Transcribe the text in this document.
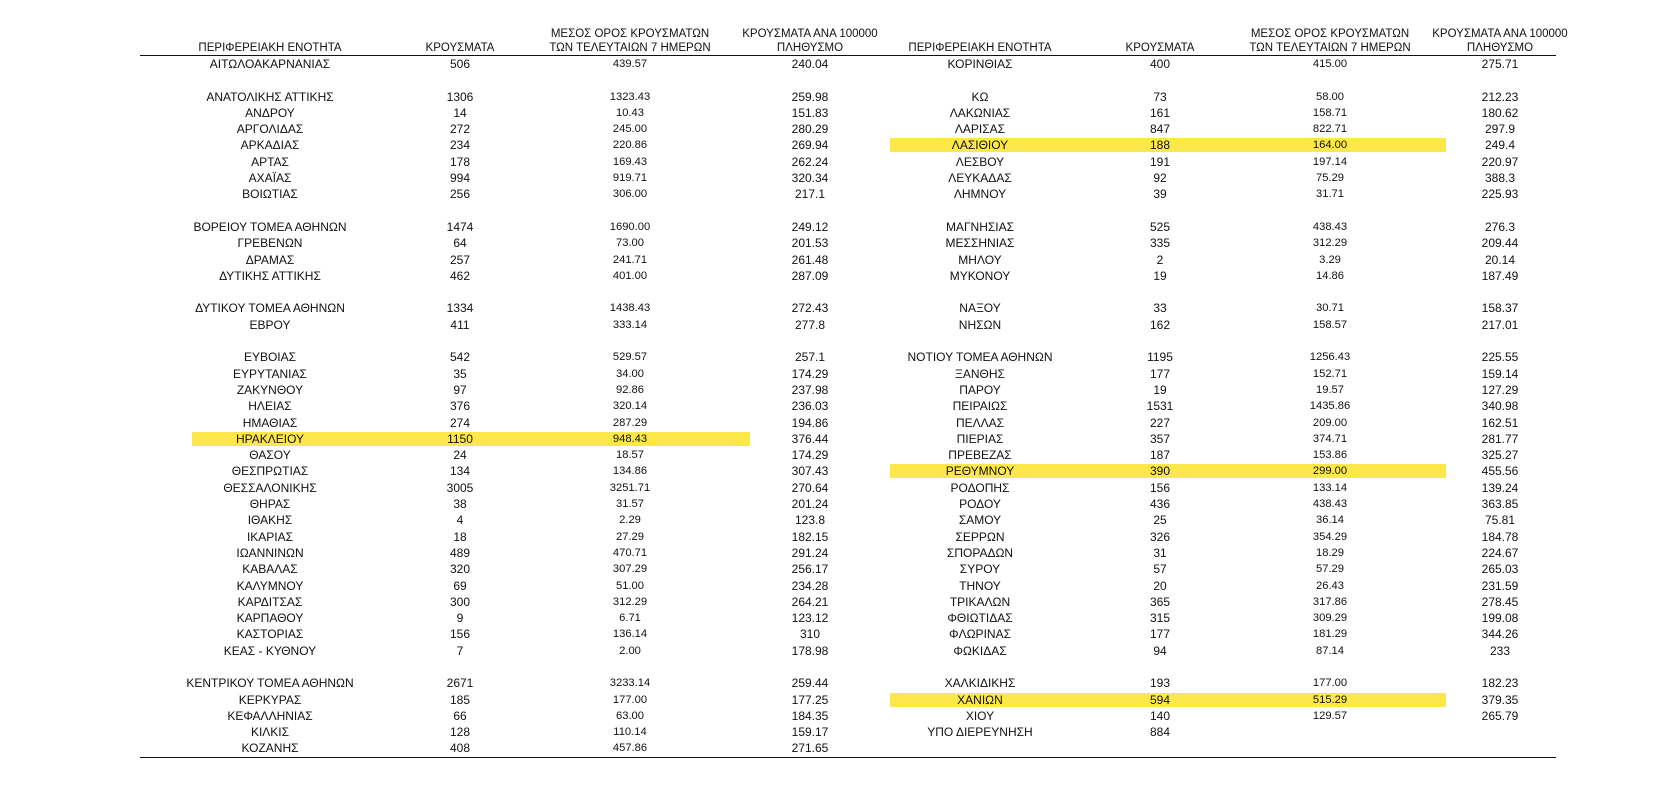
ΠΕΡΙΦΕΡΕΙΑΚΗ ΕΝΟΤΗΤΑ	ΚΡΟΥΣΜΑΤΑ
ΜΕΣΟΣ ΟΡΟΣ ΚΡΟΥΣΜΑΤΩΝ
ΤΩΝ ΤΕΛΕΥΤΑΙΩΝ 7 ΗΜΕΡΩΝ
ΚΡΟΥΣΜΑΤΑ ΑΝΑ 100000
ΠΛΗΘΥΣΜΟ	ΠΕΡΙΦΕΡΕΙΑΚΗ ΕΝΟΤΗΤΑ	ΚΡΟΥΣΜΑΤΑ
ΜΕΣΟΣ ΟΡΟΣ ΚΡΟΥΣΜΑΤΩΝ
ΤΩΝ ΤΕΛΕΥΤΑΙΩΝ 7 ΗΜΕΡΩΝ
ΚΡΟΥΣΜΑΤΑ ΑΝΑ 100000
ΠΛΗΘΥΣΜΟ
ΑΙΤΩΛΟΑΚΑΡΝΑΝΙΑΣ	506	439.57	240.04
ΑΝΑΤΟΛΙΚΗΣ ΑΤΤΙΚΗΣ	1306	1323.43	259.98
ΑΝΔΡΟΥ	14	10.43	151.83
ΑΡΓΟΛΙΔΑΣ	272	245.00	280.29
ΑΡΚΑΔΙΑΣ	234	220.86	269.94
ΑΡΤΑΣ	178	169.43	262.24
ΑΧΑΪΑΣ	994	919.71	320.34
ΒΟΙΩΤΙΑΣ	256	306.00	217.1
ΒΟΡΕΙΟΥ ΤΟΜΕΑ ΑΘΗΝΩΝ	1474	1690.00	249.12
ΓΡΕΒΕΝΩΝ	64	73.00	201.53
ΔΡΑΜΑΣ	257	241.71	261.48
ΔΥΤΙΚΗΣ ΑΤΤΙΚΗΣ	462	401.00	287.09
ΔΥΤΙΚΟΥ ΤΟΜΕΑ ΑΘΗΝΩΝ	1334	1438.43	272.43
ΕΒΡΟΥ	411	333.14	277.8
ΕΥΒΟΙΑΣ	542	529.57	257.1
ΕΥΡΥΤΑΝΙΑΣ	35	34.00	174.29
ΖΑΚΥΝΘΟΥ	97	92.86	237.98
ΗΛΕΙΑΣ	376	320.14	236.03
ΗΜΑΘΙΑΣ	274	287.29	194.86
ΗΡΑΚΛΕΙΟΥ	1150	948.43	376.44
ΘΑΣΟΥ	24	18.57	174.29
ΘΕΣΠΡΩΤΙΑΣ	134	134.86	307.43
ΘΕΣΣΑΛΟΝΙΚΗΣ	3005	3251.71	270.64
ΘΗΡΑΣ	38	31.57	201.24
ΙΘΑΚΗΣ	4	2.29	123.8
ΙΚΑΡΙΑΣ	18	27.29	182.15
ΙΩΑΝΝΙΝΩΝ	489	470.71	291.24
ΚΑΒΑΛΑΣ	320	307.29	256.17
ΚΑΛΥΜΝΟΥ	69	51.00	234.28
ΚΑΡΔΙΤΣΑΣ	300	312.29	264.21
ΚΑΡΠΑΘΟΥ	9	6.71	123.12
ΚΑΣΤΟΡΙΑΣ	156	136.14	310
ΚΕΑΣ - ΚΥΘΝΟΥ	7	2.00	178.98
ΚΕΝΤΡΙΚΟΥ ΤΟΜΕΑ ΑΘΗΝΩΝ	2671	3233.14	259.44
ΚΕΡΚΥΡΑΣ	185	177.00	177.25
ΚΕΦΑΛΛΗΝΙΑΣ	66	63.00	184.35
ΚΙΛΚΙΣ	128	110.14	159.17
ΚΟΖΑΝΗΣ	408	457.86	271.65
ΚΟΡΙΝΘΙΑΣ	400	415.00	275.71
ΚΩ	73	58.00	212.23
ΛΑΚΩΝΙΑΣ	161	158.71	180.62
ΛΑΡΙΣΑΣ	847	822.71	297.9
ΛΑΣΙΘΙΟΥ	188	164.00	249.4
ΛΕΣΒΟΥ	191	197.14	220.97
ΛΕΥΚΑΔΑΣ	92	75.29	388.3
ΛΗΜΝΟΥ	39	31.71	225.93
ΜΑΓΝΗΣΙΑΣ	525	438.43	276.3
ΜΕΣΣΗΝΙΑΣ	335	312.29	209.44
ΜΗΛΟΥ	2	3.29	20.14
ΜΥΚΟΝΟΥ	19	14.86	187.49
ΝΑΞΟΥ	33	30.71	158.37
ΝΗΣΩΝ	162	158.57	217.01
ΝΟΤΙΟΥ ΤΟΜΕΑ ΑΘΗΝΩΝ	1195	1256.43	225.55
ΞΑΝΘΗΣ	177	152.71	159.14
ΠΑΡΟΥ	19	19.57	127.29
ΠΕΙΡΑΙΩΣ	1531	1435.86	340.98
ΠΕΛΛΑΣ	227	209.00	162.51
ΠΙΕΡΙΑΣ	357	374.71	281.77
ΠΡΕΒΕΖΑΣ	187	153.86	325.27
ΡΕΘΥΜΝΟΥ	390	299.00	455.56
ΡΟΔΟΠΗΣ	156	133.14	139.24
ΡΟΔΟΥ	436	438.43	363.85
ΣΑΜΟΥ	25	36.14	75.81
ΣΕΡΡΩΝ	326	354.29	184.78
ΣΠΟΡΑΔΩΝ	31	18.29	224.67
ΣΥΡΟΥ	57	57.29	265.03
ΤΗΝΟΥ	20	26.43	231.59
ΤΡΙΚΑΛΩΝ	365	317.86	278.45
ΦΘΙΩΤΙΔΑΣ	315	309.29	199.08
ΦΛΩΡΙΝΑΣ	177	181.29	344.26
ΦΩΚΙΔΑΣ	94	87.14	233
ΧΑΛΚΙΔΙΚΗΣ	193	177.00	182.23
ΧΑΝΙΩΝ	594	515.29	379.35
ΧΙΟΥ	140	129.57	265.79
ΥΠΟ ΔΙΕΡΕΥΝΗΣΗ	884
